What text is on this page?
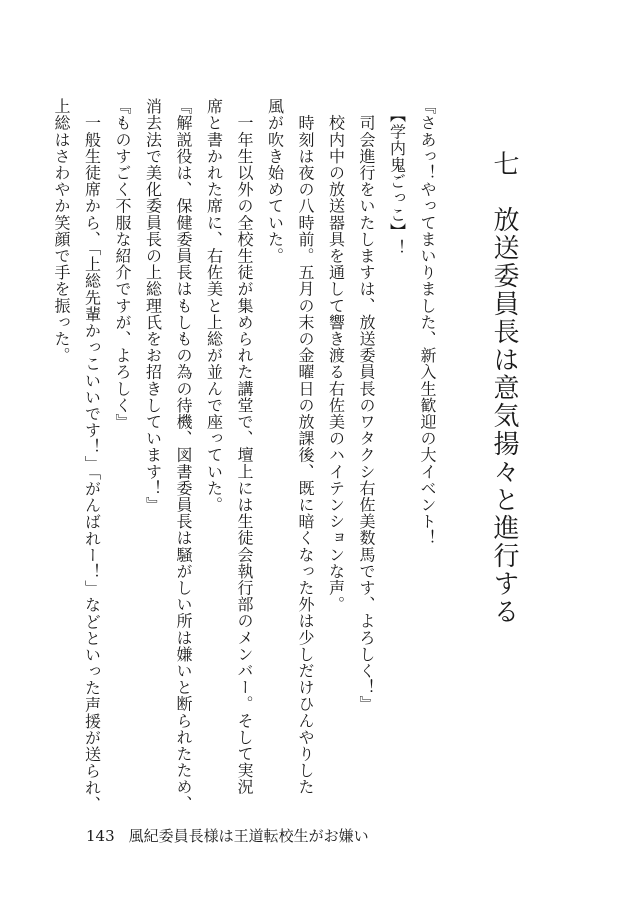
七　放送委員長は意気揚々と進行する

『さあっ！やってまいりました、新入生歓迎の大イベント！

　【学内鬼ごっこ】！

　司会進行をいたしますは、放送委員長のワタクシ右佐美数馬です、よろしく！』

　校内中の放送器具を通して響き渡る右佐美のハイテンションな声。

　時刻は夜の八時前。五月の末の金曜日の放課後、既に暗くなった外は少しだけひんやりした

風が吹き始めていた。

　一年生以外の全校生徒が集められた講堂で、壇上には生徒会執行部のメンバー。そして実況

席と書かれた席に、右佐美と上総が並んで座っていた。

『解説役は、保健委員長はもしもの為の待機、図書委員長は騒がしい所は嫌いと断られたため、

消去法で美化委員長の上総理氏をお招きしています！』

『ものすごく不服な紹介ですが、よろしく』

　一般生徒席から、「上総先輩かっこいいです！」「がんばれー！」などといった声援が送られ、

上総はさわやか笑顔で手を振った。

143 風紀委員長様は王道転校生がお嫌い
